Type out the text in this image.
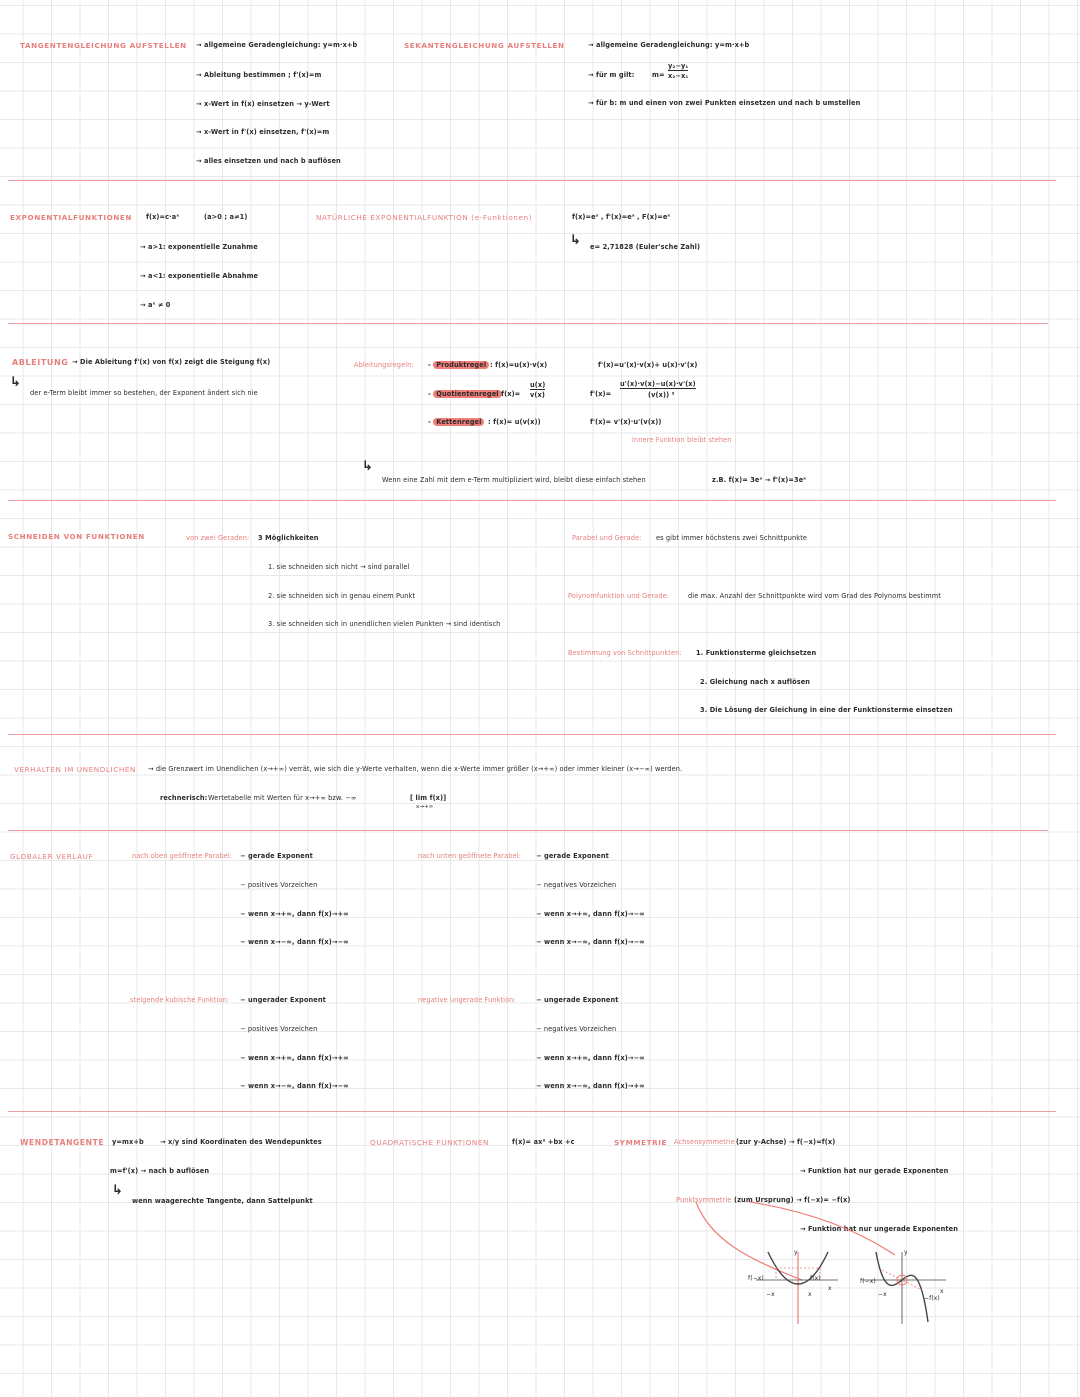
TANGENTENGLEICHUNG AUFSTELLEN → allgemeine Geradengleichung: y=m·x+b
→ Ableitung bestimmen ; f'(x)=m
→ x-Wert in f(x) einsetzen → y-Wert
→ x-Wert in f'(x) einsetzen, f'(x)=m
→ alles einsetzen und nach b auflösen
SEKANTENGLEICHUNG AUFSTELLEN	→ allgemeine Geradengleichung: y=m·x+b
→ für m gilt:	m=
y₂−y₁
x₂−x₁
→ für b: m und einen von zwei Punkten einsetzen und nach b umstellen
EXPONENTIALFUNKTIONEN f(x)=c·aˣ	(a>0 ; a≠1)
→ a>1: exponentielle Zunahme
→ a<1: exponentielle Abnahme
→ aˣ ≠ 0
NATÜRLICHE EXPONENTIALFUNKTION (e-Funktionen)	f(x)=eˣ , f'(x)=eˣ , F(x)=eˣ
↳ e= 2,71828 (Euler'sche Zahl)
ABLEITUNG → Die Ableitung f'(x) von f(x) zeigt die Steigung f(x)
↳
der e-Term bleibt immer so bestehen, der Exponent ändert sich nie
Ableitungsregeln: - Produktregel : f(x)=u(x)·v(x)
- Quotientenregel
: f(x)=
u(x)
v(x)
- Kettenregel : f(x)= u(v(x))
f'(x)=u'(x)·v(x)+ u(x)·v'(x)
f'(x)=
u'(x)·v(x)−u(x)·v'(x)
(v(x)) ²
f'(x)= v'(x)·u'(v(x))
Innere Funktion bleibt stehen
↳
Wenn eine Zahl mit dem e-Term multipliziert wird, bleibt diese einfach stehen	z.B. f(x)= 3eˣ → f'(x)=3eˣ
SCHNEIDEN VON FUNKTIONEN	von zwei Geraden: 3 Möglichkeiten
1. sie schneiden sich nicht → sind parallel
2. sie schneiden sich in genau einem Punkt
3. sie schneiden sich in unendlichen vielen Punkten → sind identisch
Parabel und Gerade: es gibt immer höchstens zwei Schnittpunkte
Polynomfunktion und Gerade:	die max. Anzahl der Schnittpunkte wird vom Grad des Polynoms bestimmt
Bestimmung von Schnittpunkten: 1. Funktionsterme gleichsetzen
2. Gleichung nach x auflösen
3. Die Lösung der Gleichung in eine der Funktionsterme einsetzen
VERHALTEN IM UNENDLICHEN → die Grenzwert im Unendlichen (x→+∞) verrät, wie sich die y-Werte verhalten, wenn die x-Werte immer größer (x→+∞) oder immer kleiner (x→−∞) werden.
rechnerisch: Wertetabelle mit Werten für x→+∞ bzw. −∞	[ lim f(x)]
x→+∞
GLOBALER VERLAUF	nach oben geöffnete Parabel: − gerade Exponent
− positives Vorzeichen
− wenn x→+∞, dann f(x)→+∞
− wenn x→−∞, dann f(x)→−∞
nach unten geöffnete Parabel: − gerade Exponent
− negatives Vorzeichen
− wenn x→+∞, dann f(x)→−∞
− wenn x→−∞, dann f(x)→−∞
steigende kubische Funktion: − ungerader Exponent
− positives Vorzeichen
− wenn x→+∞, dann f(x)→+∞
− wenn x→−∞, dann f(x)→−∞
negative ungerade Funktion:	− ungerade Exponent
− negatives Vorzeichen
− wenn x→+∞, dann f(x)→−∞
− wenn x→−∞, dann f(x)→+∞
WENDETANGENTE y=mx+b → x/y sind Koordinaten des Wendepunktes
m=f'(x) → nach b auflösen
↳
wenn waagerechte Tangente, dann Sattelpunkt
QUADRATISCHE FUNKTIONEN	f(x)= ax² +bx +c	SYMMETRIE Achsensymmetrie (zur y-Achse) → f(−x)=f(x)
→ Funktion hat nur gerade Exponenten
Punktsymmetrie (zum Ursprung) → f(−x)= −f(x)
→ Funktion hat nur ungerade Exponenten
y
f(−x)	f(x)
−x	x
x
y
f(−x)
−x	x
−f(x)
